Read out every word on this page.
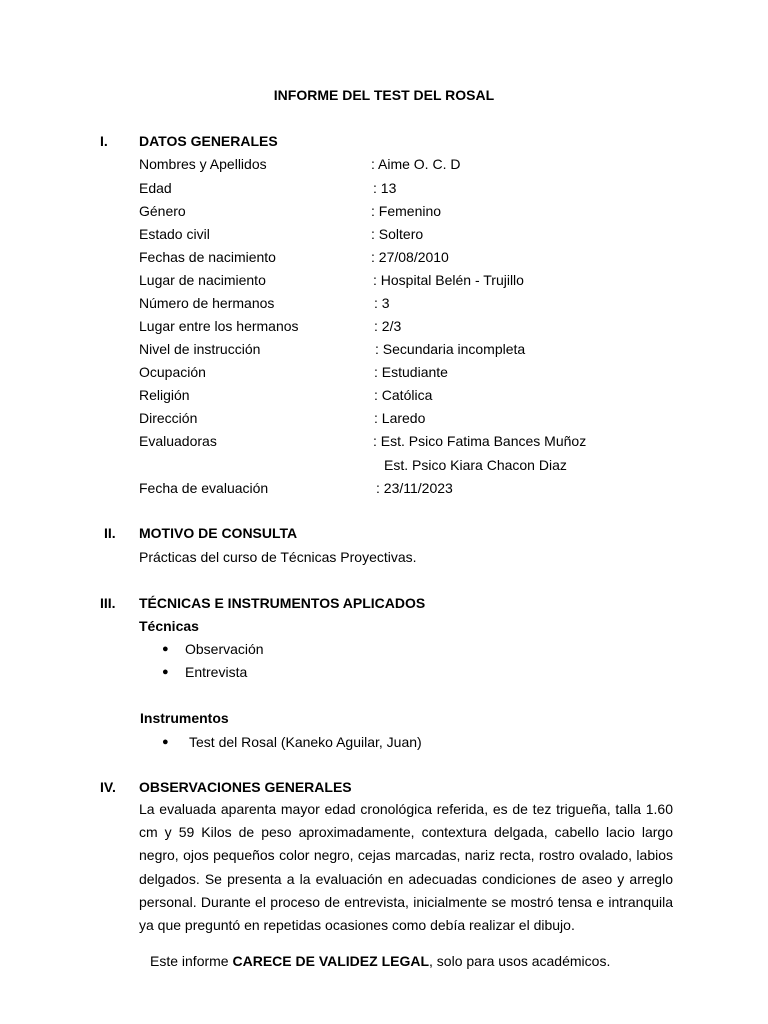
INFORME DEL TEST DEL ROSAL
I.	DATOS GENERALES
Nombres y Apellidos	: Aime O. C. D
Edad	: 13
Género	: Femenino
Estado civil	: Soltero
Fechas de nacimiento	: 27/08/2010
Lugar de nacimiento	: Hospital Belén - Trujillo
Número de hermanos	: 3
Lugar entre los hermanos	: 2/3
Nivel de instrucción	: Secundaria incompleta
Ocupación	: Estudiante
Religión	: Católica
Dirección	: Laredo
Evaluadoras	: Est. Psico Fatima Bances Muñoz
Est. Psico Kiara Chacon Diaz
Fecha de evaluación	: 23/11/2023
II.	MOTIVO DE CONSULTA
Prácticas del curso de Técnicas Proyectivas.
III.	TÉCNICAS E INSTRUMENTOS APLICADOS
Técnicas
● Observación
● Entrevista
Instrumentos
● Test del Rosal (Kaneko Aguilar, Juan)
IV.	OBSERVACIONES GENERALES

La evaluada aparenta mayor edad cronológica referida, es de tez trigueña, talla 1.60 cm y 59 Kilos de peso aproximadamente, contextura delgada, cabello lacio largo negro, ojos pequeños color negro, cejas marcadas, nariz recta, rostro ovalado, labios delgados. Se presenta a la evaluación en adecuadas condiciones de aseo y arreglo personal. Durante el proceso de entrevista, inicialmente se mostró tensa e intranquila ya que preguntó en repetidas ocasiones como debía realizar el dibujo.

Este informe CARECE DE VALIDEZ LEGAL, solo para usos académicos.
